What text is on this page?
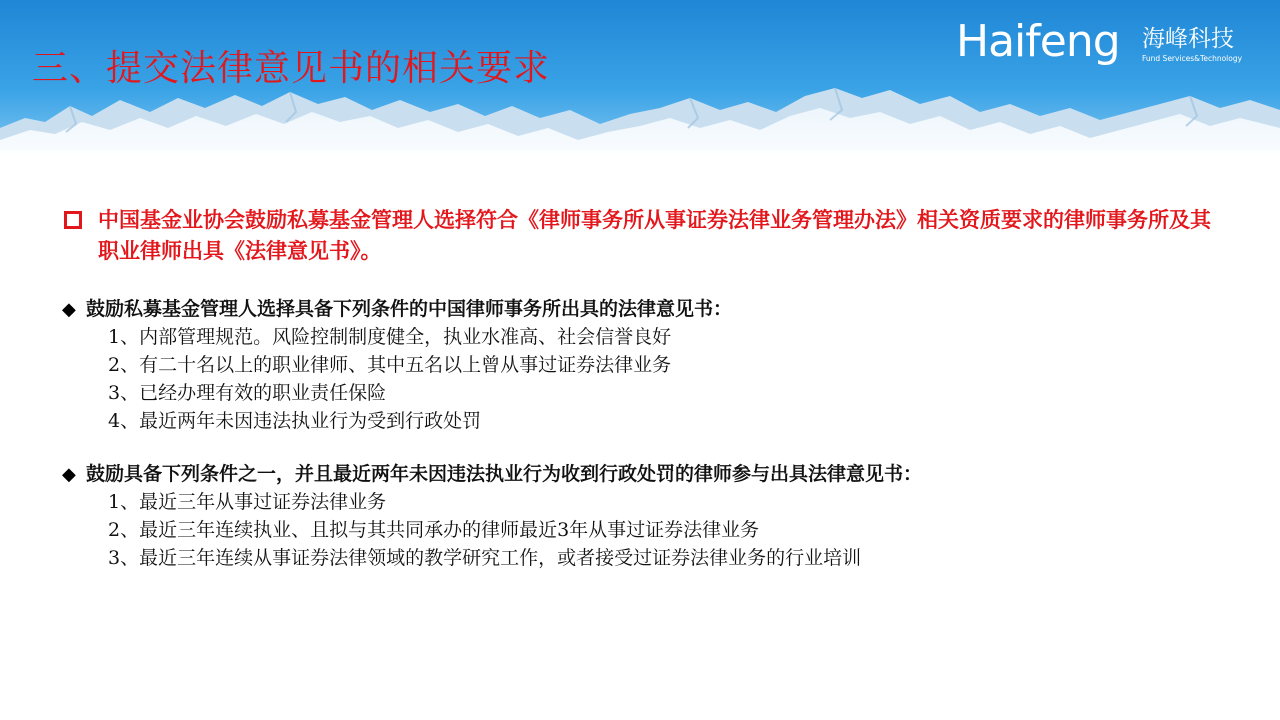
三、提交法律意见书的相关要求
Haifeng 海峰科技
Fund Services&Technology
中国基金业协会鼓励私募基金管理人选择符合《律师事务所从事证券法律业务管理办法》相关资质要求的律师事务所及其职业律师出具《法律意见书》。
◆ 鼓励私募基金管理人选择具备下列条件的中国律师事务所出具的法律意见书：
1、内部管理规范。风险控制制度健全，执业水准高、社会信誉良好
2、有二十名以上的职业律师、其中五名以上曾从事过证券法律业务
3、已经办理有效的职业责任保险
4、最近两年未因违法执业行为受到行政处罚
◆ 鼓励具备下列条件之一，并且最近两年未因违法执业行为收到行政处罚的律师参与出具法律意见书：
1、最近三年从事过证券法律业务
2、最近三年连续执业、且拟与其共同承办的律师最近3年从事过证券法律业务
3、最近三年连续从事证券法律领域的教学研究工作，或者接受过证券法律业务的行业培训
